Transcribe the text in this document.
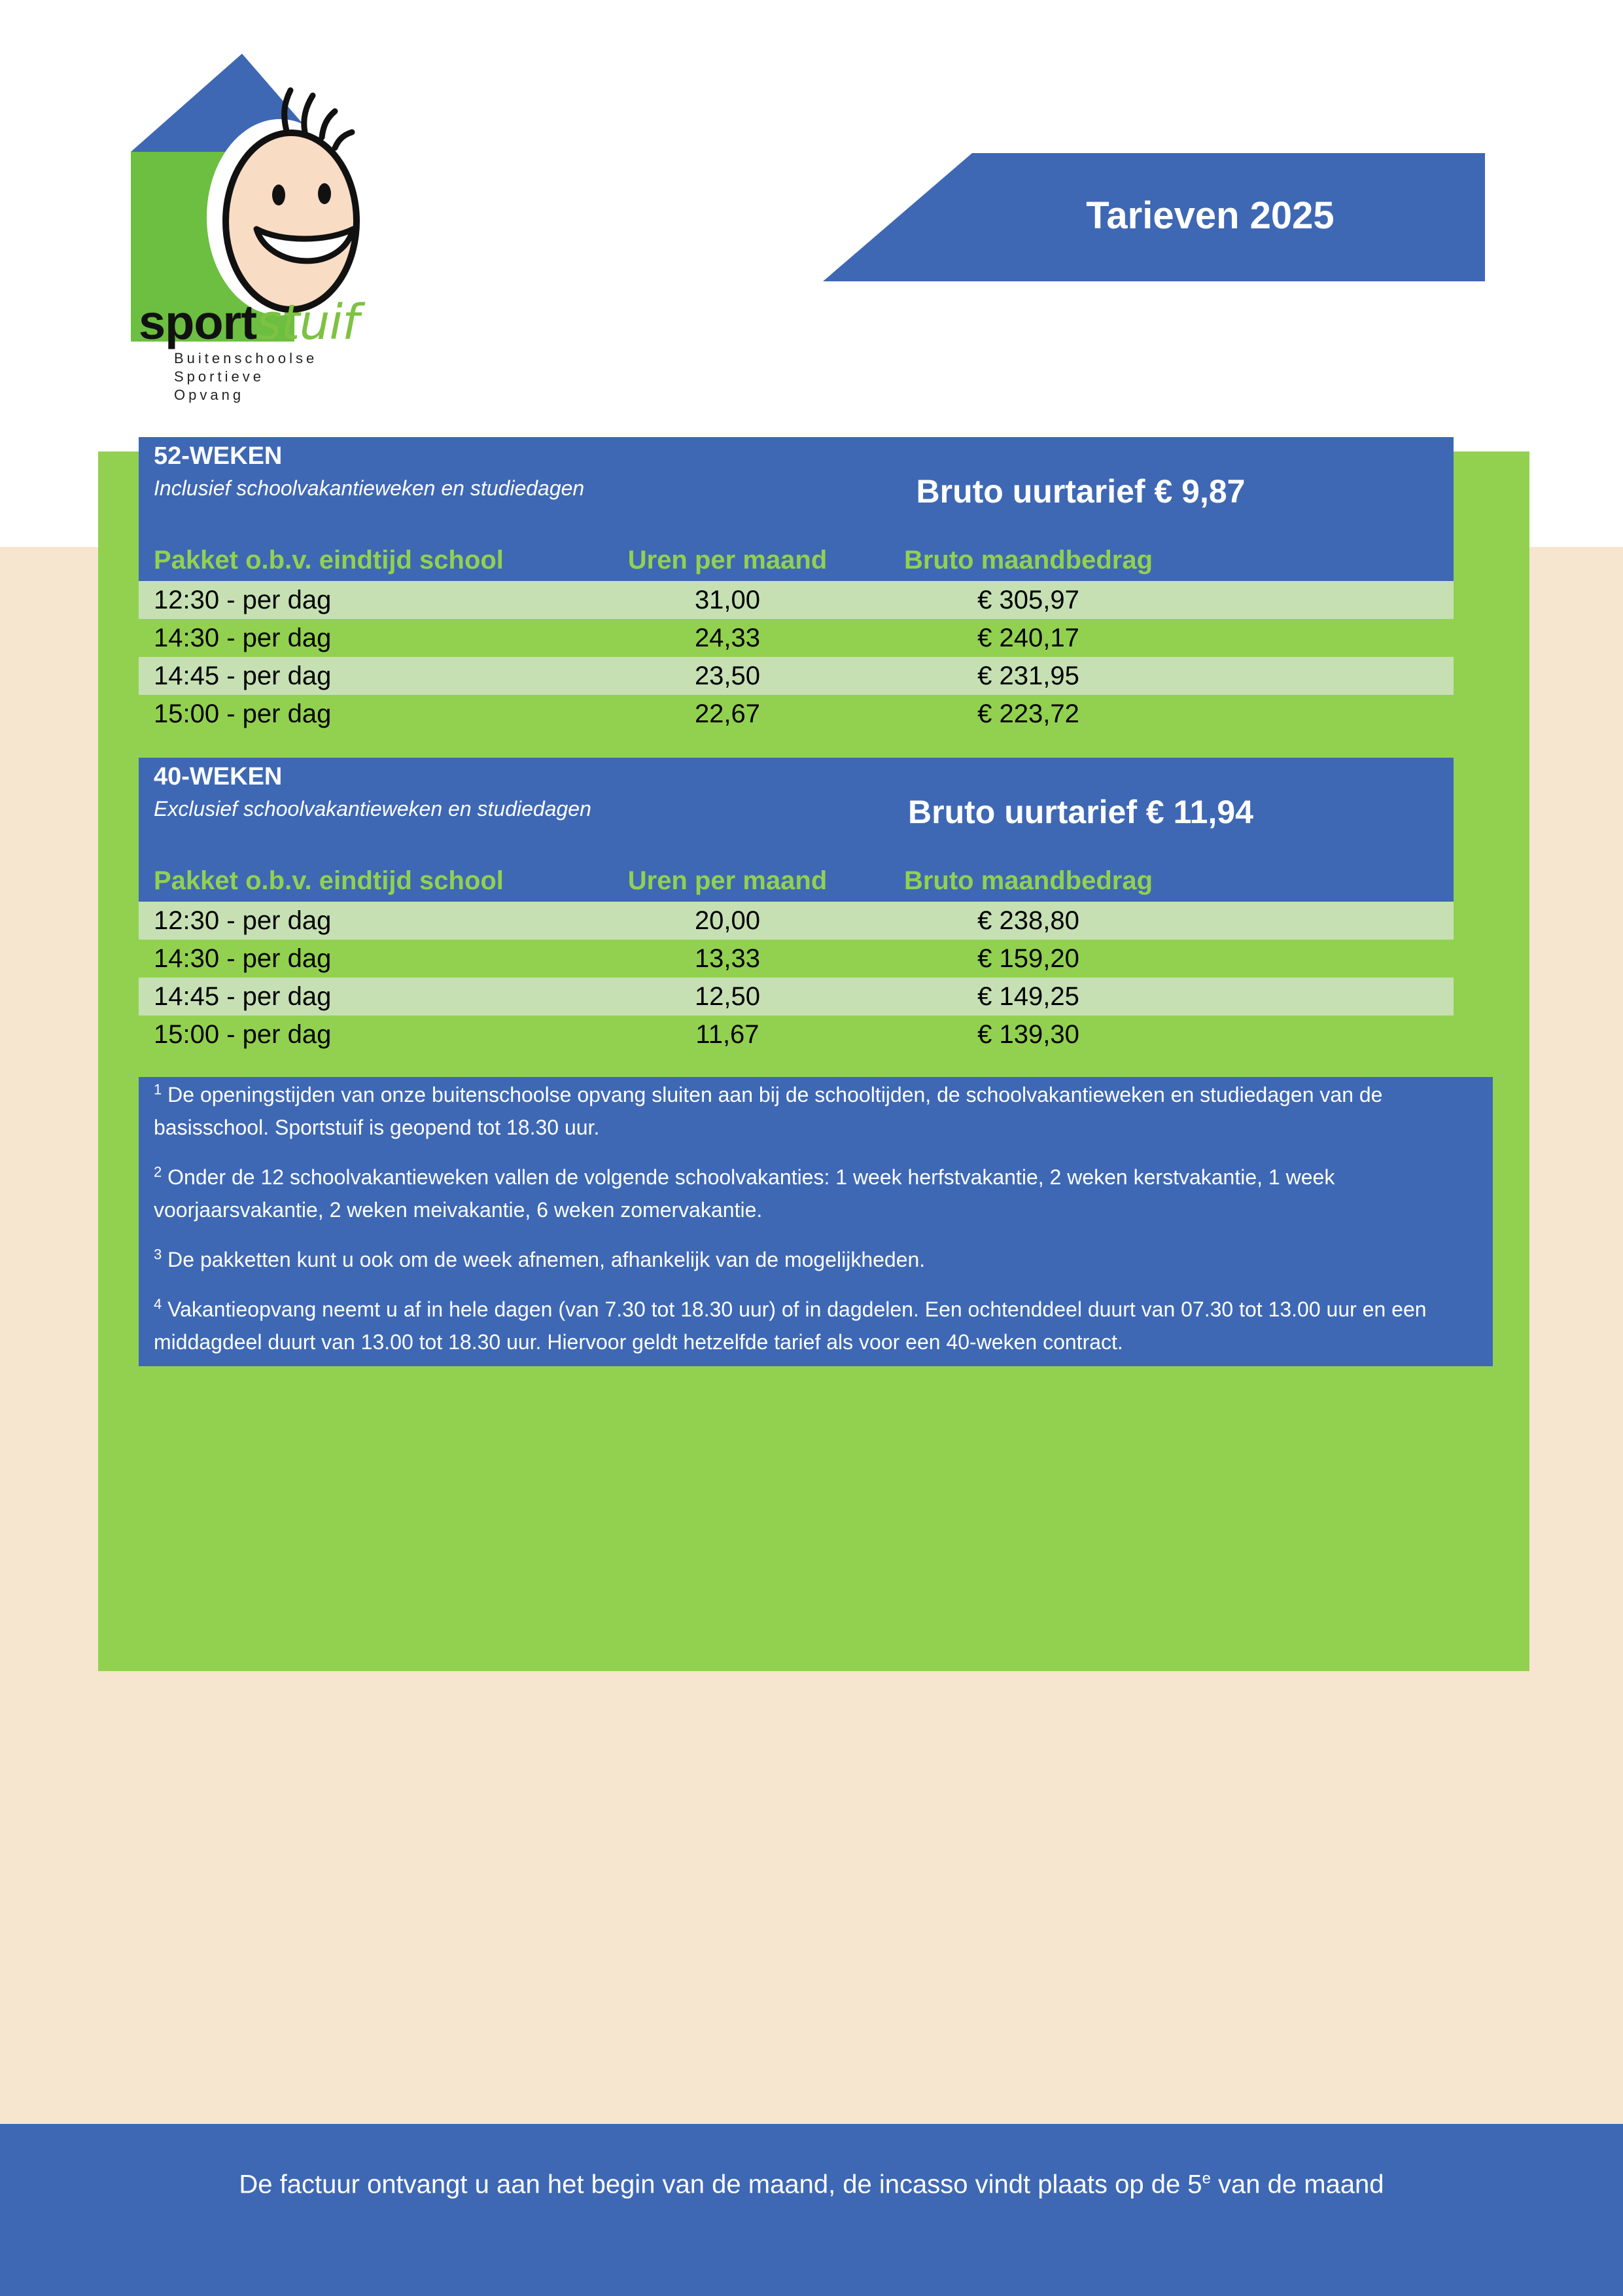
sportstuif
Buitenschoolse
Sportieve
Opvang
Tarieven 2025
52-WEKEN
Inclusief schoolvakantieweken en studiedagen	Bruto uurtarief € 9,87
Pakket o.b.v. eindtijd school	Uren per maand	Bruto maandbedrag
12:30 - per dag	31,00	€ 305,97
14:30 - per dag	24,33	€ 240,17
14:45 - per dag	23,50	€ 231,95
15:00 - per dag	22,67	€ 223,72
40-WEKEN
Exclusief schoolvakantieweken en studiedagen	Bruto uurtarief € 11,94
Pakket o.b.v. eindtijd school	Uren per maand	Bruto maandbedrag
12:30 - per dag	20,00	€ 238,80
14:30 - per dag	13,33	€ 159,20
14:45 - per dag	12,50	€ 149,25
15:00 - per dag	11,67	€ 139,30

$^1$ De openingstijden van onze buitenschoolse opvang sluiten aan bij de schooltijden, de schoolvakantieweken en studiedagen van de basisschool. Sportstuif is geopend tot 18.30 uur.

$^2$ Onder de 12 schoolvakantieweken vallen de volgende schoolvakanties: 1 week herfstvakantie, 2 weken kerstvakantie, 1 week voorjaarsvakantie, 2 weken meivakantie, 6 weken zomervakantie.

$^3$ De pakketten kunt u ook om de week afnemen, afhankelijk van de mogelijkheden.

$^4$ Vakantieopvang neemt u af in hele dagen (van 7.30 tot 18.30 uur) of in dagdelen. Een ochtenddeel duurt van 07.30 tot 13.00 uur en een middagdeel duurt van 13.00 tot 18.30 uur. Hiervoor geldt hetzelfde tarief als voor een 40-weken contract.

De factuur ontvangt u aan het begin van de maand, de incasso vindt plaats op de 5e van de maand
